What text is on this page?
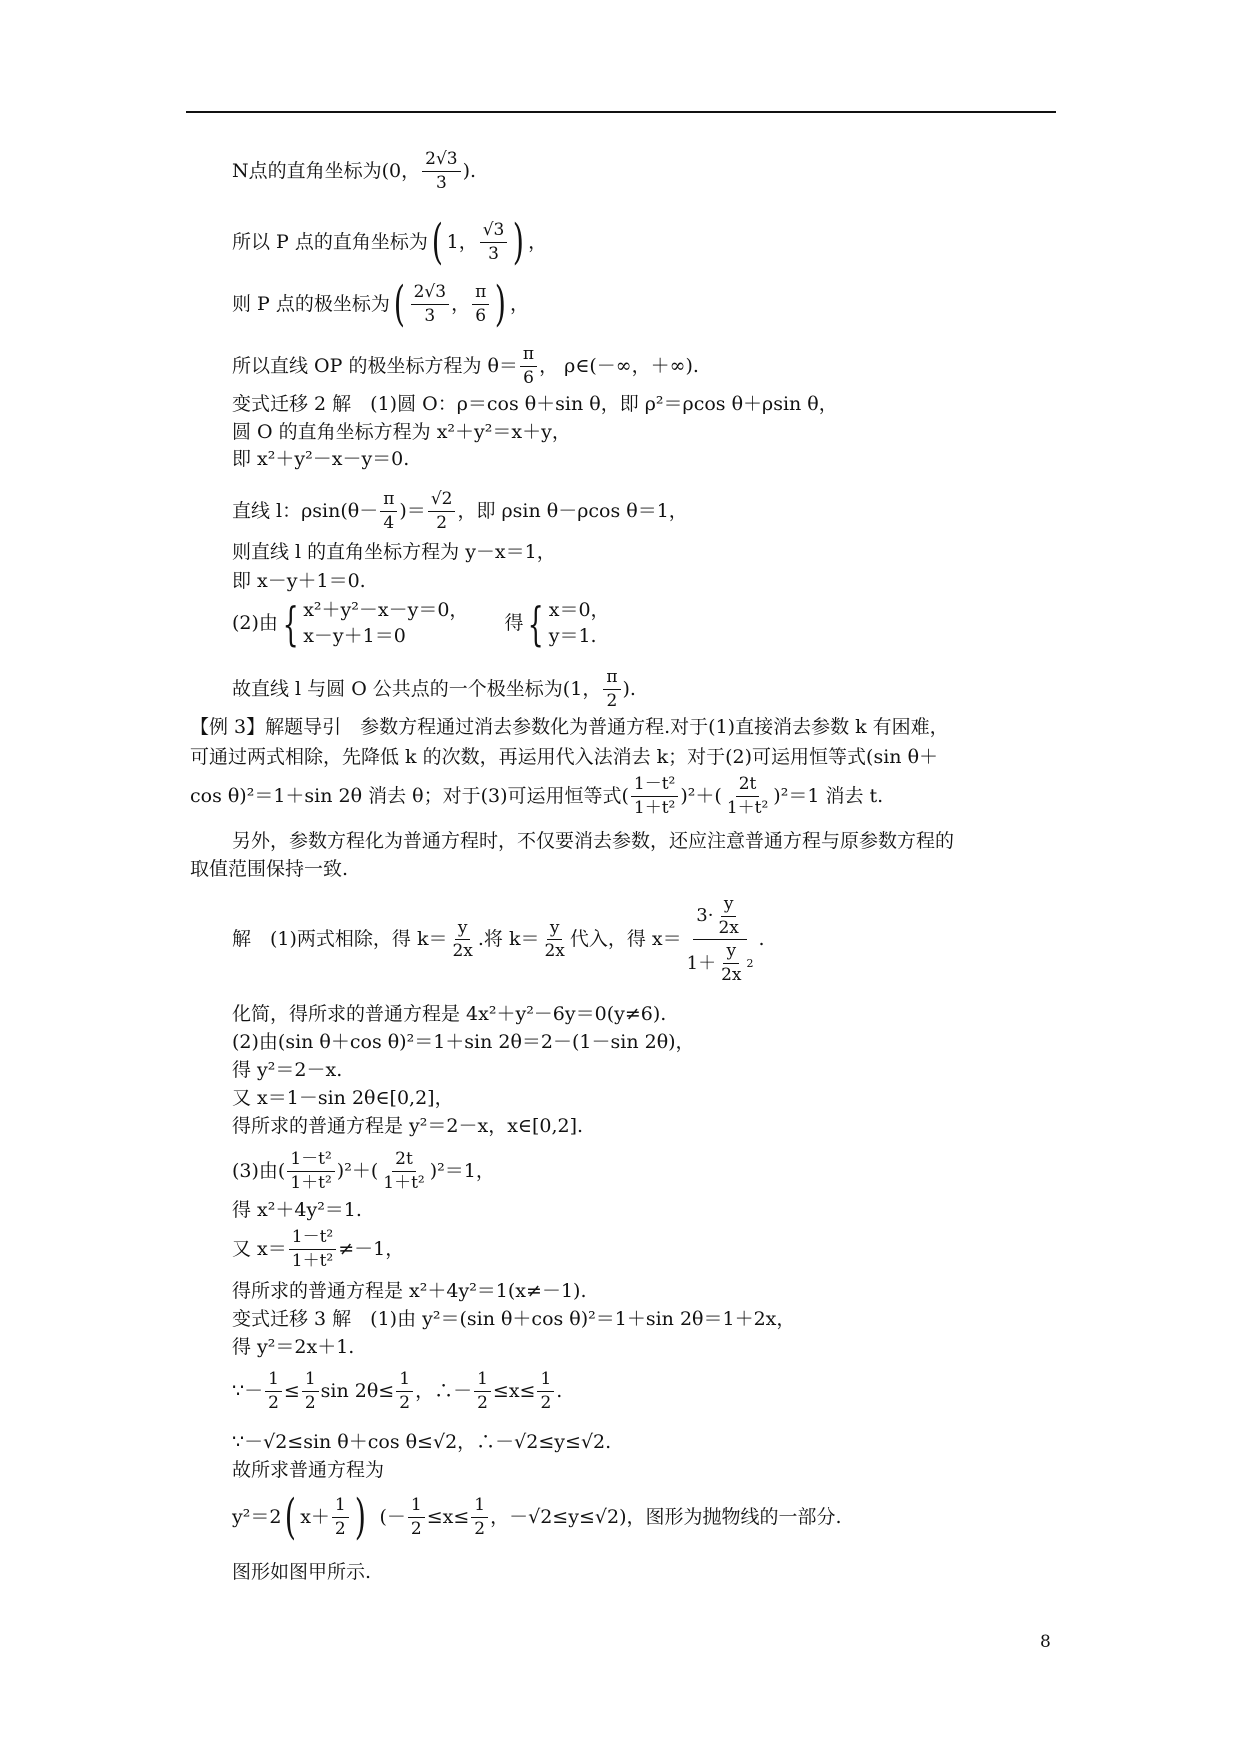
N点的直角坐标为(0， $\frac{2√3}{3}$ ).
所以 P 点的直角坐标为 ( 1， $\frac{√3}{3}$ ) ，
则 P 点的极坐标为 ( $\frac{2√3}{3}$ ， $\frac{\pi}{6}$ ) ，
所以直线 OP 的极坐标方程为 $\theta= \frac{\pi}{6}$ ， ρ∈(－∞，＋∞).
变式迁移 2 解　(1)圆 O：ρ＝cos θ＋sin θ，即 ρ²＝ρcos θ＋ρsin θ，
圆 O 的直角坐标方程为 x²＋y²＝x＋y，
即 x²＋y²－x－y＝0.
直线 l：$\rho\sin(\theta- \frac{\pi}{4}$ )＝ $\frac{√2}{2}$ ，即 ρsin θ－ρcos θ＝1，
则直线 l 的直角坐标方程为 y－x＝1，
即 x－y＋1＝0.
(2)由 { x²＋y²－x－y＝0，
x－y＋1＝0
得 { x＝0，
y＝1.
故直线 l 与圆 O 公共点的一个极坐标为(1， $\frac{\pi}{2}$ ).
【例 3】解题导引　参数方程通过消去参数化为普通方程.对于(1)直接消去参数 k 有困难，
可通过两式相除，先降低 k 的次数，再运用代入法消去 k；对于(2)可运用恒等式(sin θ＋
cos θ)²＝1＋sin 2θ 消去 θ；对于(3)可运用恒等式( $\frac{\text{1－t²}}{\text{1＋t²}} )^2+( \frac{2t}{\text{1＋t²}} )^2=1$ 消去 t.
另外，参数方程化为普通方程时，不仅要消去参数，还应注意普通方程与原参数方程的
取值范围保持一致.
解　(1)两式相除，得 $k= \frac{y}{2x}$ .将 $k= \frac{y}{2x}$ 代入，得 $x= \frac{3\cdot \frac{y}{2x}}{1+ \frac{y}{2x} 2}$ .
化简，得所求的普通方程是 4x²＋y²－6y＝0(y≠6).
(2)由(sin θ＋cos θ)²＝1＋sin 2θ＝2－(1－sin 2θ)，
得 y²＝2－x.
又 x＝1－sin 2θ∈[0,2]，
得所求的普通方程是 y²＝2－x，x∈[0,2].
(3)由( $\frac{\text{1－t²}}{\text{1＋t²}} )^2+( \frac{2t}{\text{1＋t²}} )^2=1$，
得 x²＋4y²＝1.
又 $x= \frac{\text{1－t²}}{\text{1＋t²}} \ne-1$，
得所求的普通方程是 x²＋4y²＝1(x≠－1).
变式迁移 3 解　(1)由 y²＝(sin θ＋cos θ)²＝1＋sin 2θ＝1＋2x，
得 y²＝2x＋1.
∵－ $\frac{1}{2} \le \frac{1}{2}$ $\sin 2\theta\le \frac{1}{2}$ ，∴－ $\frac{1}{2} \le x\le \frac{1}{2}$ .
∵－√2≤sin θ＋cos θ≤√2，∴－√2≤y≤√2.
故所求普通方程为
y²＝2 ( $x+ \frac{1}{2}$ ) (－ $\frac{1}{2} \le x\le \frac{1}{2}$ ，－√2≤y≤√2)，图形为抛物线的一部分.
图形如图甲所示.
8
